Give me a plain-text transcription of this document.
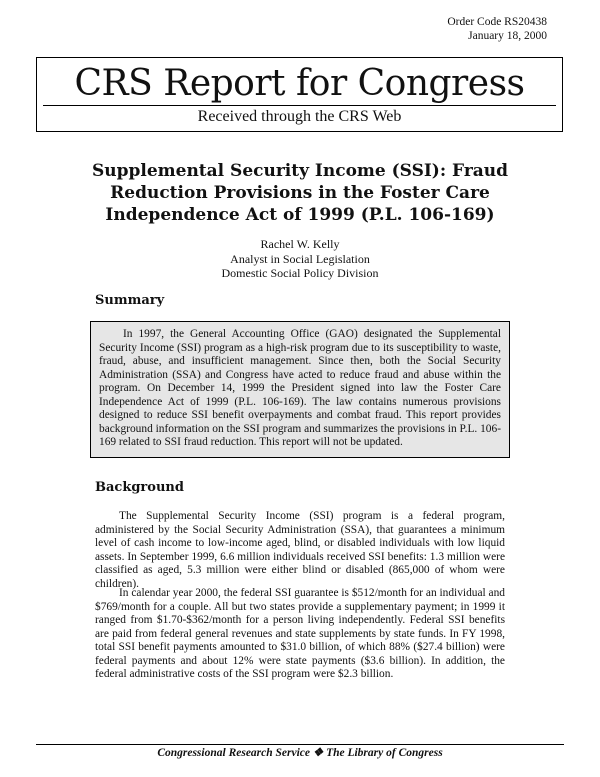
Order Code RS20438
January 18, 2000
CRS Report for Congress
Received through the CRS Web
Supplemental Security Income (SSI): Fraud
Reduction Provisions in the Foster Care
Independence Act of 1999 (P.L. 106-169)
Rachel W. Kelly
Analyst in Social Legislation
Domestic Social Policy Division
Summary

In 1997, the General Accounting Office (GAO) designated the Supplemental Security Income (SSI) program as a high-risk program due to its susceptibility to waste, fraud, abuse, and insufficient management. Since then, both the Social Security Administration (SSA) and Congress have acted to reduce fraud and abuse within the program. On December 14, 1999 the President signed into law the Foster Care Independence Act of 1999 (P.L. 106-169). The law contains numerous provisions designed to reduce SSI benefit overpayments and combat fraud. This report provides background information on the SSI program and summarizes the provisions in P.L. 106-169 related to SSI fraud reduction. This report will not be updated.

Background

The Supplemental Security Income (SSI) program is a federal program, administered by the Social Security Administration (SSA), that guarantees a minimum level of cash income to low-income aged, blind, or disabled individuals with low liquid assets. In September 1999, 6.6 million individuals received SSI benefits: 1.3 million were classified as aged, 5.3 million were either blind or disabled (865,000 of whom were children).

In calendar year 2000, the federal SSI guarantee is $512/month for an individual and $769/month for a couple. All but two states provide a supplementary payment; in 1999 it ranged from $1.70-$362/month for a person living independently. Federal SSI benefits are paid from federal general revenues and state supplements by state funds. In FY 1998, total SSI benefit payments amounted to $31.0 billion, of which 88% ($27.4 billion) were federal payments and about 12% were state payments ($3.6 billion). In addition, the federal administrative costs of the SSI program were $2.3 billion.

Congressional Research Service ❖ The Library of Congress
